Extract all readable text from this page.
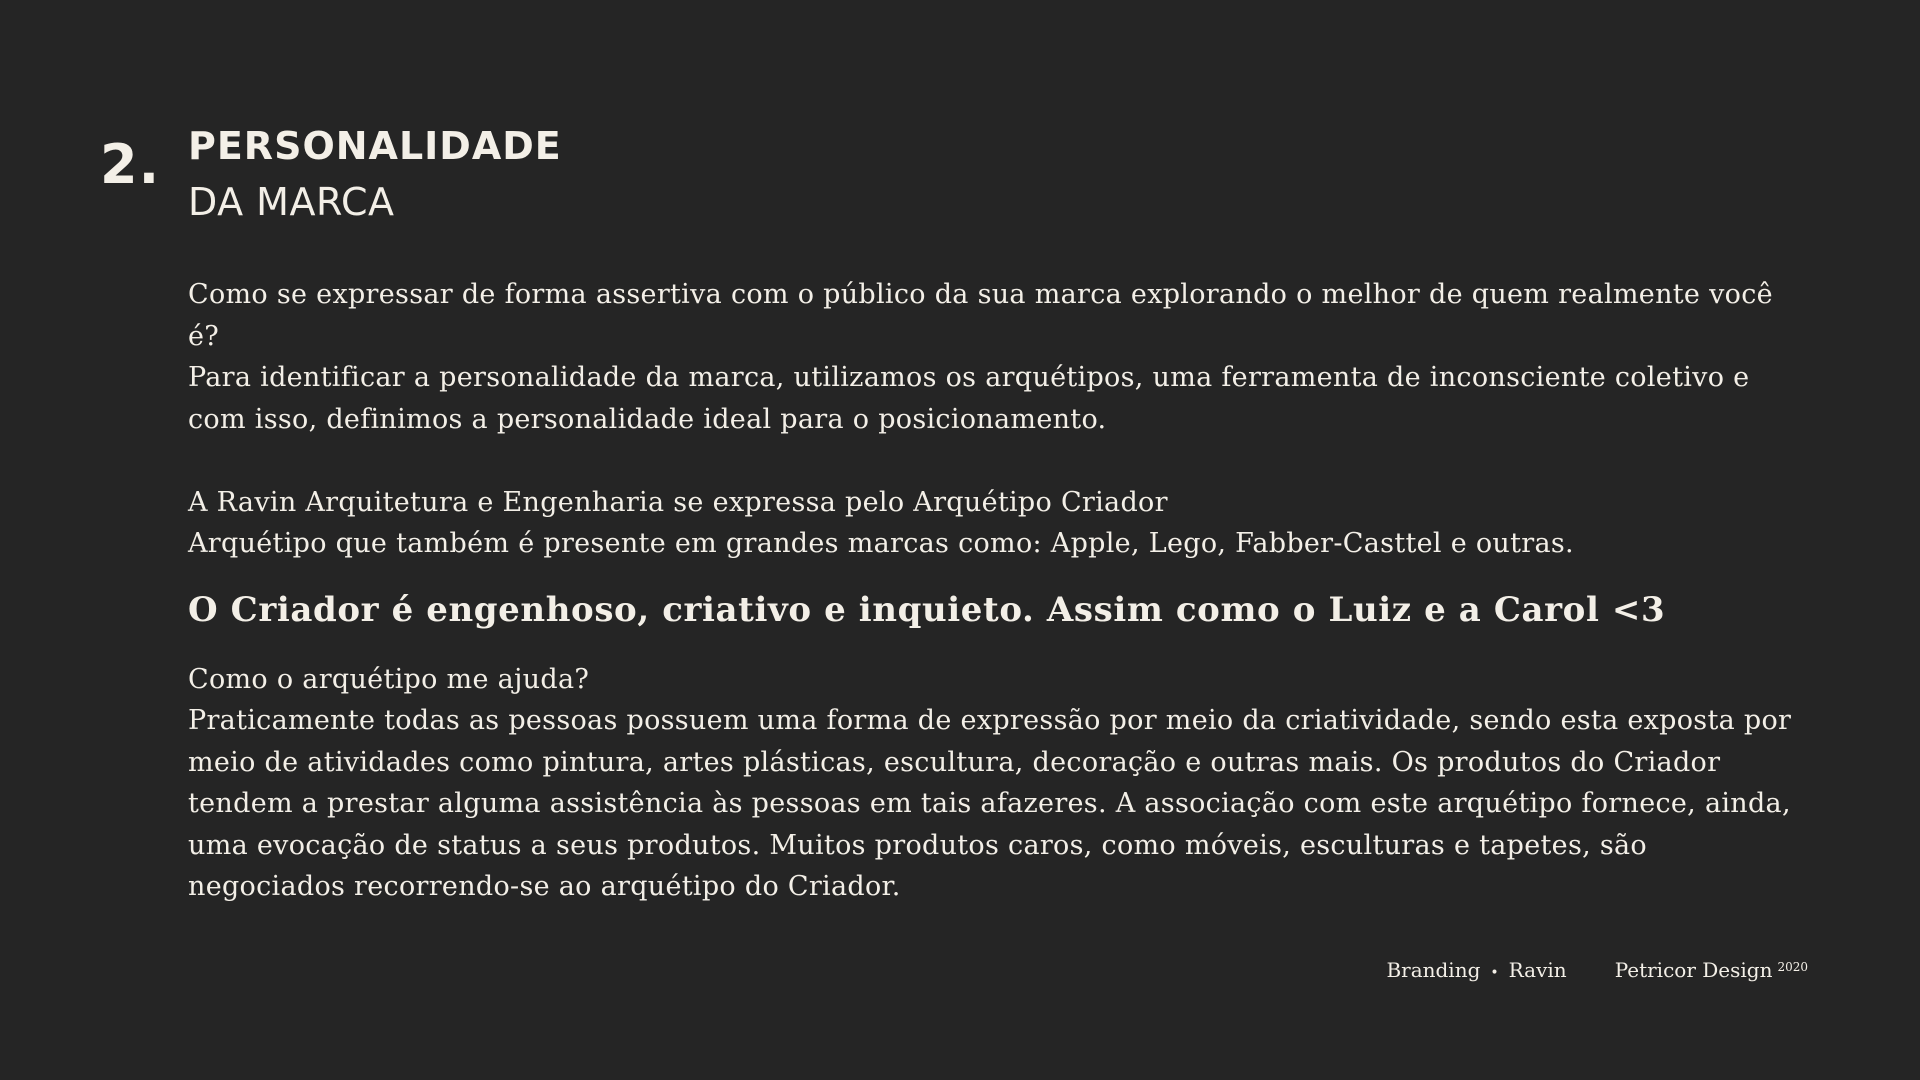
2. PERSONALIDADE
DA MARCA

Como se expressar de forma assertiva com o público da sua marca explorando o melhor de quem realmente você é?

Para identificar a personalidade da marca, utilizamos os arquétipos, uma ferramenta de inconsciente coletivo e com isso, definimos a personalidade ideal para o posicionamento.

A Ravin Arquitetura e Engenharia se expressa pelo Arquétipo Criador

Arquétipo que também é presente em grandes marcas como: Apple, Lego, Fabber-Casttel e outras.

O Criador é engenhoso, criativo e inquieto. Assim como o Luiz e a Carol <3

Como o arquétipo me ajuda?

Praticamente todas as pessoas possuem uma forma de expressão por meio da criatividade, sendo esta exposta por meio de atividades como pintura, artes plásticas, escultura, decoração e outras mais. Os produtos do Criador tendem a prestar alguma assistência às pessoas em tais afazeres. A associação com este arquétipo fornece, ainda, uma evocação de status a seus produtos. Muitos produtos caros, como móveis, esculturas e tapetes, são negociados recorrendo-se ao arquétipo do Criador.

Branding • Ravin Petricor Design $^{2020}$
